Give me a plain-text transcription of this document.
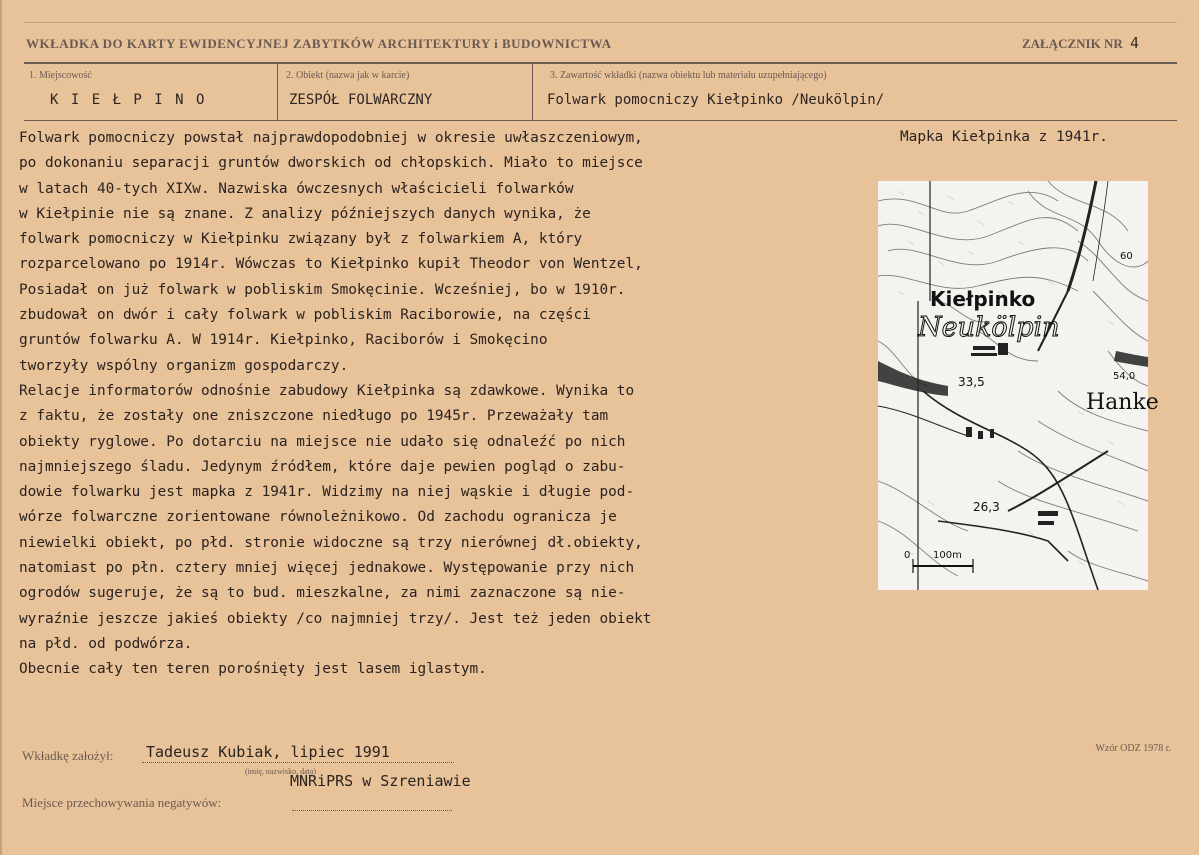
WKŁADKA DO KARTY EWIDENCYJNEJ ZABYTKÓW ARCHITEKTURY i BUDOWNICTWA	ZAŁĄCZNIK NR 4
1. Miejscowość
K I E Ł P I N O
2. Obiekt (nazwa jak w karcie)
ZESPÓŁ FOLWARCZNY
3. Zawartość wkładki (nazwa obiektu lub materiału uzupełniającego)
Folwark pomocniczy Kiełpinko /Neukölpin/
Folwark pomocniczy powstał najprawdopodobniej w okresie uwłaszczeniowym,
po dokonaniu separacji gruntów dworskich od chłopskich. Miało to miejsce
w latach 40-tych XIXw. Nazwiska ówczesnych właścicieli folwarków
w Kiełpinie nie są znane. Z analizy późniejszych danych wynika, że
folwark pomocniczy w Kiełpinku związany był z folwarkiem A, który
rozparcelowano po 1914r. Wówczas to Kiełpinko kupił Theodor von Wentzel,
Posiadał on już folwark w pobliskim Smokęcinie. Wcześniej, bo w 1910r.
zbudował on dwór i cały folwark w pobliskim Raciborowie, na części
gruntów folwarku A. W 1914r. Kiełpinko, Raciborów i Smokęcino
tworzyły wspólny organizm gospodarczy.
Relacje informatorów odnośnie zabudowy Kiełpinka są zdawkowe. Wynika to
z faktu, że zostały one zniszczone niedługo po 1945r. Przeważały tam
obiekty ryglowe. Po dotarciu na miejsce nie udało się odnaleźć po nich
najmniejszego śladu. Jedynym źródłem, które daje pewien pogląd o zabu-
dowie folwarku jest mapka z 1941r. Widzimy na niej wąskie i długie pod-
wórze folwarczne zorientowane równoleżnikowo. Od zachodu ogranicza je
niewielki obiekt, po płd. stronie widoczne są trzy nierównej dł.obiekty,
natomiast po płn. cztery mniej więcej jednakowe. Występowanie przy nich
ogrodów sugeruje, że są to bud. mieszkalne, za nimi zaznaczone są nie-
wyraźnie jeszcze jakieś obiekty /co najmniej trzy/. Jest też jeden obiekt
na płd. od podwórza.
Obecnie cały ten teren porośnięty jest lasem iglastym.
Mapka Kiełpinka z 1941r.
Kiełpinko
Neukölpin
Hanke
33,5
26,3
60
54,0
0 100m
Wkładkę założył: Tadeusz Kubiak, lipiec 1991
(imię, nazwisko, data)
MNRiPRS w Szreniawie
Miejsce przechowywania negatywów:
Wzór ODZ 1978 r.
